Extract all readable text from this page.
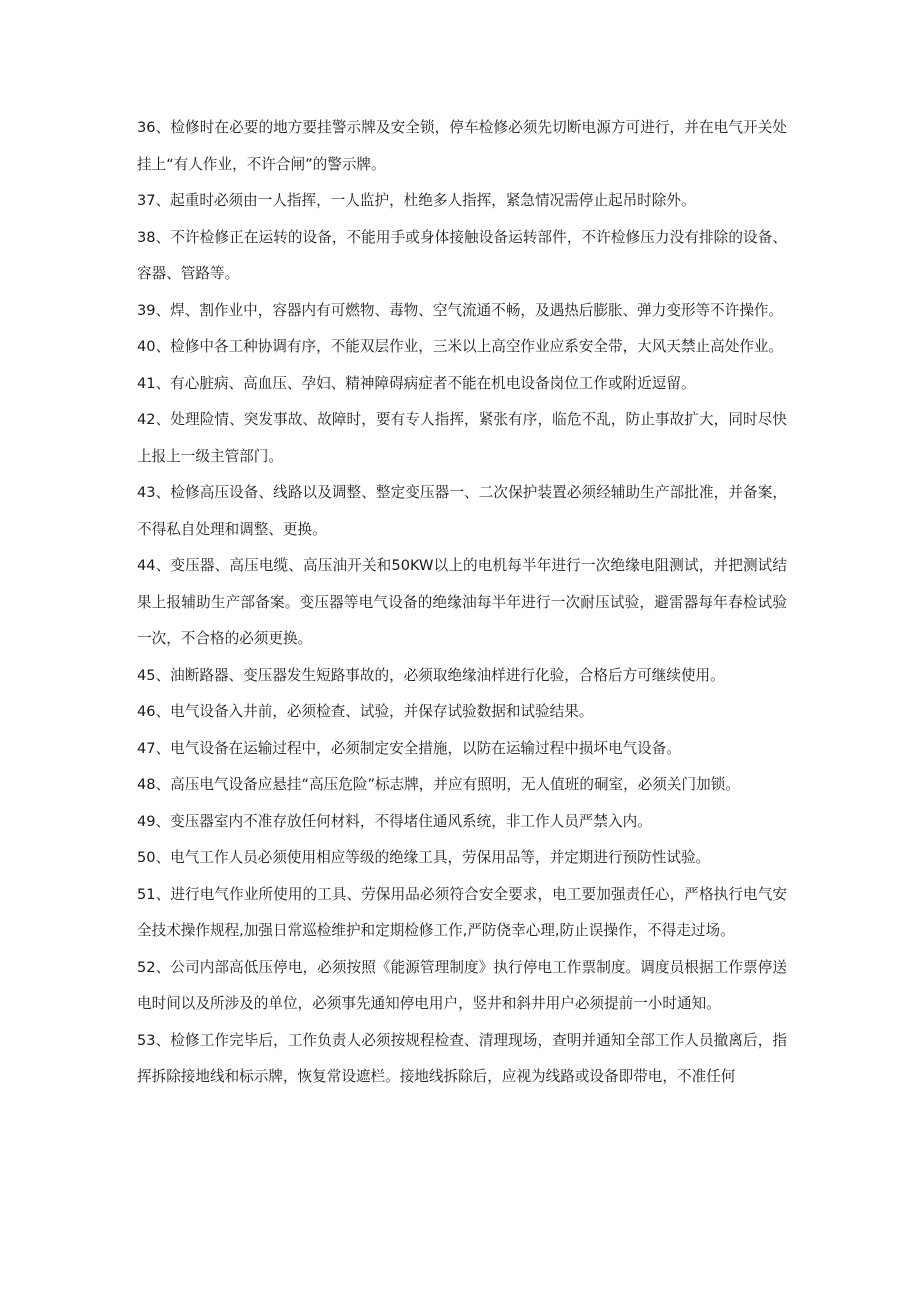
36、检修时在必要的地方要挂警示牌及安全锁，停车检修必须先切断电源方可进行，并在电气开关处挂上“有人作业，不许合闸”的警示牌。

37、起重时必须由一人指挥，一人监护，杜绝多人指挥，紧急情况需停止起吊时除外。

38、不许检修正在运转的设备，不能用手或身体接触设备运转部件，不许检修压力没有排除的设备、容器、管路等。

39、焊、割作业中，容器内有可燃物、毒物、空气流通不畅，及遇热后膨胀、弹力变形等不许操作。

40、检修中各工种协调有序，不能双层作业，三米以上高空作业应系安全带，大风天禁止高处作业。

41、有心脏病、高血压、孕妇、精神障碍病症者不能在机电设备岗位工作或附近逗留。

42、处理险情、突发事故、故障时，要有专人指挥，紧张有序，临危不乱，防止事故扩大，同时尽快上报上一级主管部门。

43、检修高压设备、线路以及调整、整定变压器一、二次保护装置必须经辅助生产部批准，并备案，不得私自处理和调整、更换。

44、变压器、高压电缆、高压油开关和50KW以上的电机每半年进行一次绝缘电阻测试，并把测试结果上报辅助生产部备案。变压器等电气设备的绝缘油每半年进行一次耐压试验，避雷器每年春检试验一次，不合格的必须更换。

45、油断路器、变压器发生短路事故的，必须取绝缘油样进行化验，合格后方可继续使用。

46、电气设备入井前，必须检查、试验，并保存试验数据和试验结果。

47、电气设备在运输过程中，必须制定安全措施，以防在运输过程中损坏电气设备。

48、高压电气设备应悬挂“高压危险”标志牌，并应有照明，无人值班的硐室，必须关门加锁。

49、变压器室内不准存放任何材料，不得堵住通风系统，非工作人员严禁入内。

50、电气工作人员必须使用相应等级的绝缘工具，劳保用品等，并定期进行预防性试验。

51、进行电气作业所使用的工具、劳保用品必须符合安全要求，电工要加强责任心，严格执行电气安全技术操作规程,加强日常巡检维护和定期检修工作,严防侥幸心理,防止误操作，不得走过场。

52、公司内部高低压停电，必须按照《能源管理制度》执行停电工作票制度。调度员根据工作票停送电时间以及所涉及的单位，必须事先通知停电用户，竖井和斜井用户必须提前一小时通知。

53、检修工作完毕后，工作负责人必须按规程检查、清理现场，查明并通知全部工作人员撤离后，指挥拆除接地线和标示牌，恢复常设遮栏。接地线拆除后，应视为线路或设备即带电，不准任何
